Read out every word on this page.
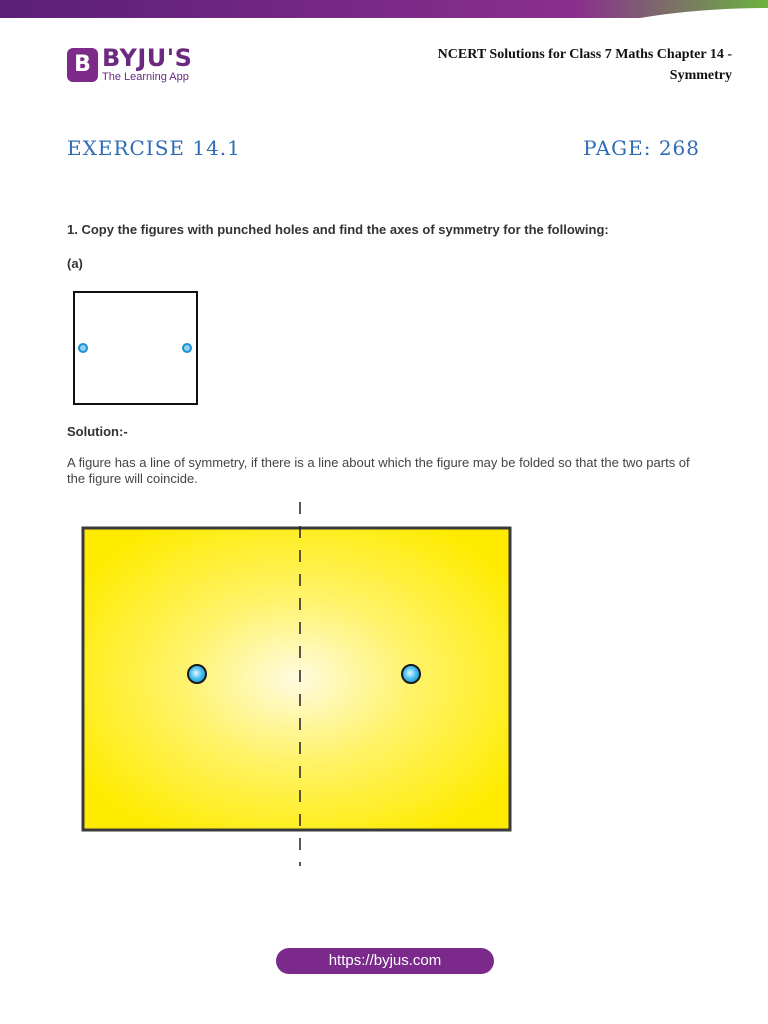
B BYJU'S
The Learning App
NCERT Solutions for Class 7 Maths Chapter 14 -
Symmetry
EXERCISE 14.1	PAGE: 268
1. Copy the figures with punched holes and find the axes of symmetry for the following:
(a)
Solution:-
A figure has a line of symmetry, if there is a line about which the figure may be folded so that the two parts of the figure will coincide.
https://byjus.com
